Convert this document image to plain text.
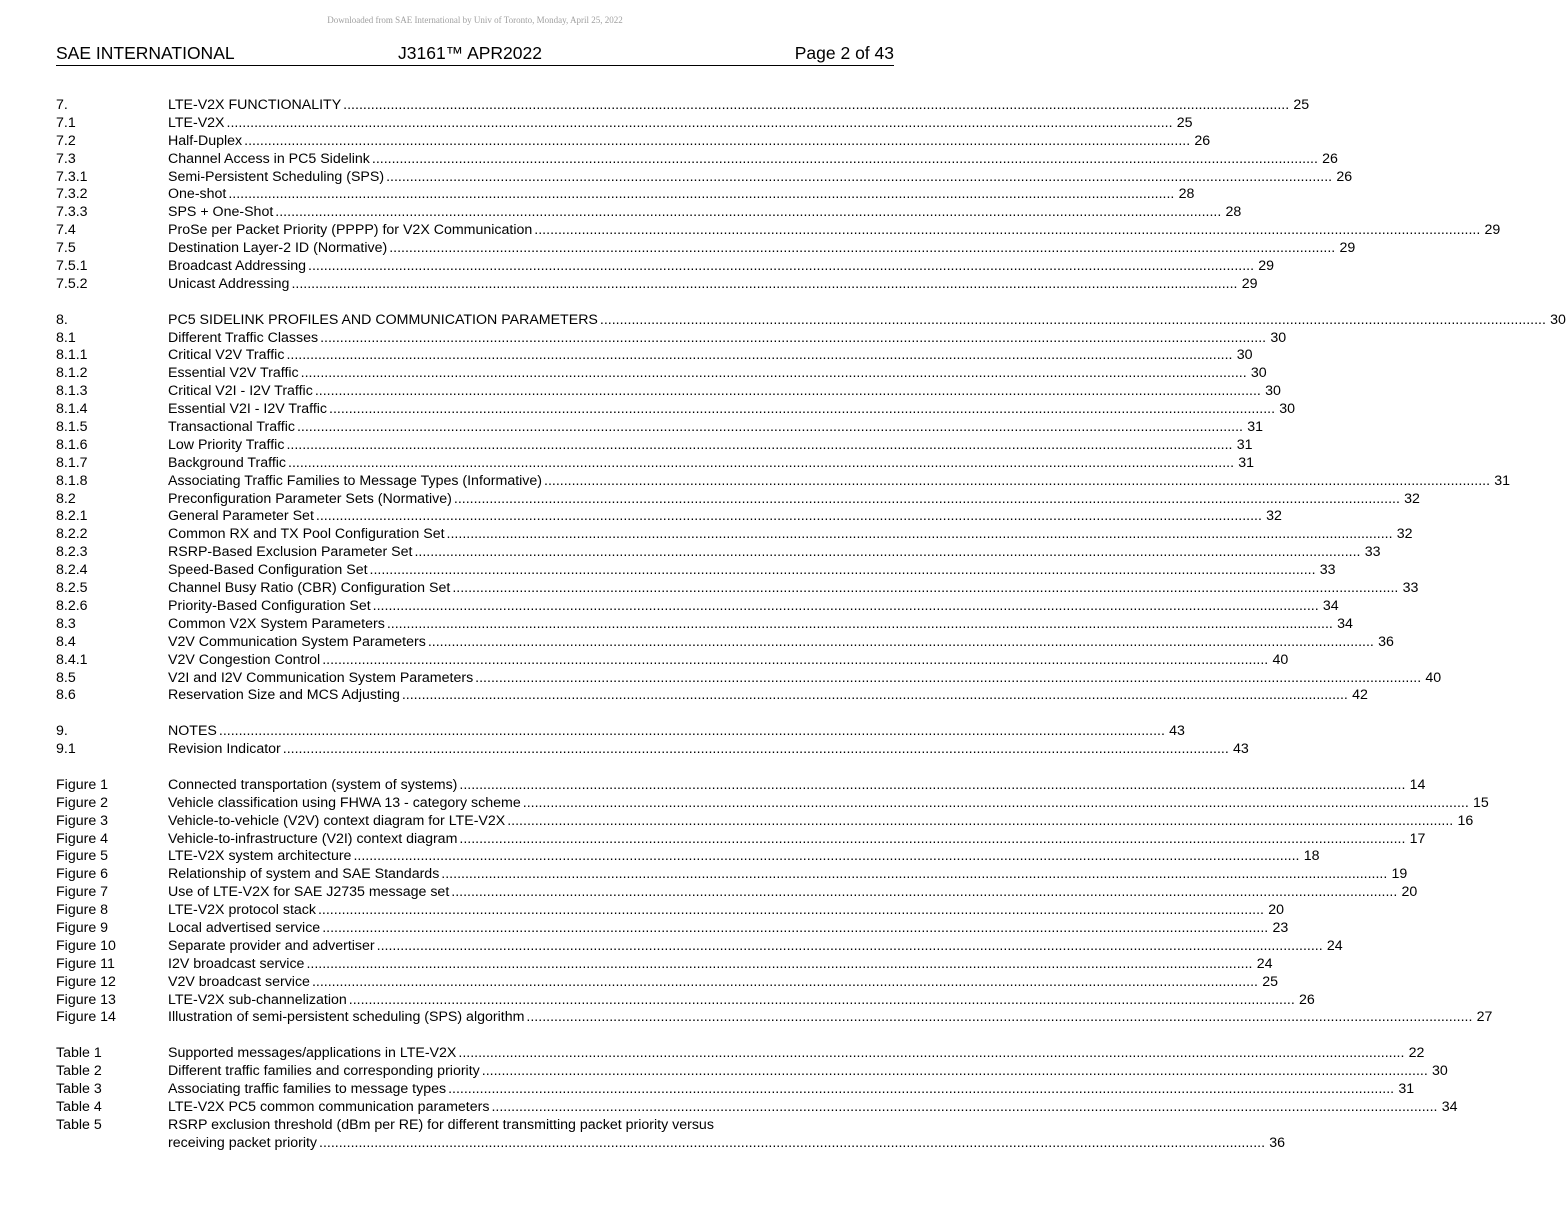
Downloaded from SAE International by Univ of Toronto, Monday, April 25, 2022
SAE INTERNATIONAL	J3161™ APR2022	Page 2 of 43
7.	LTE-V2X FUNCTIONALITY .....	25
7.1	LTE-V2X .....	25
7.2	Half-Duplex .....	26
7.3	Channel Access in PC5 Sidelink .....	26
7.3.1	Semi-Persistent Scheduling (SPS) .....	26
7.3.2	One-shot .....	28
7.3.3	SPS + One-Shot .....	28
7.4	ProSe per Packet Priority (PPPP) for V2X Communication .....	29
7.5	Destination Layer-2 ID (Normative) .....	29
7.5.1	Broadcast Addressing .....	29
7.5.2	Unicast Addressing .....	29
8.	PC5 SIDELINK PROFILES AND COMMUNICATION PARAMETERS .....	30
8.1	Different Traffic Classes .....	30
8.1.1	Critical V2V Traffic .....	30
8.1.2	Essential V2V Traffic .....	30
8.1.3	Critical V2I - I2V Traffic .....	30
8.1.4	Essential V2I - I2V Traffic .....	30
8.1.5	Transactional Traffic .....	31
8.1.6	Low Priority Traffic .....	31
8.1.7	Background Traffic .....	31
8.1.8	Associating Traffic Families to Message Types (Informative) .....	31
8.2	Preconfiguration Parameter Sets (Normative) .....	32
8.2.1	General Parameter Set .....	32
8.2.2	Common RX and TX Pool Configuration Set .....	32
8.2.3	RSRP-Based Exclusion Parameter Set .....	33
8.2.4	Speed-Based Configuration Set .....	33
8.2.5	Channel Busy Ratio (CBR) Configuration Set .....	33
8.2.6	Priority-Based Configuration Set .....	34
8.3	Common V2X System Parameters .....	34
8.4	V2V Communication System Parameters .....	36
8.4.1	V2V Congestion Control .....	40
8.5	V2I and I2V Communication System Parameters .....	40
8.6	Reservation Size and MCS Adjusting .....	42
9.	NOTES .....	43
9.1	Revision Indicator .....	43
Figure 1	Connected transportation (system of systems) .....	14
Figure 2	Vehicle classification using FHWA 13 - category scheme .....	15
Figure 3	Vehicle-to-vehicle (V2V) context diagram for LTE-V2X .....	16
Figure 4	Vehicle-to-infrastructure (V2I) context diagram .....	17
Figure 5	LTE-V2X system architecture .....	18
Figure 6	Relationship of system and SAE Standards .....	19
Figure 7	Use of LTE-V2X for SAE J2735 message set .....	20
Figure 8	LTE-V2X protocol stack .....	20
Figure 9	Local advertised service .....	23
Figure 10	Separate provider and advertiser .....	24
Figure 11	I2V broadcast service .....	24
Figure 12	V2V broadcast service .....	25
Figure 13	LTE-V2X sub-channelization .....	26
Figure 14	Illustration of semi-persistent scheduling (SPS) algorithm .....	27
Table 1	Supported messages/applications in LTE-V2X .....	22
Table 2	Different traffic families and corresponding priority .....	30
Table 3	Associating traffic families to message types .....	31
Table 4	LTE-V2X PC5 common communication parameters .....	34
Table 5	RSRP exclusion threshold (dBm per RE) for different transmitting packet priority versus
receiving packet priority .....	36
